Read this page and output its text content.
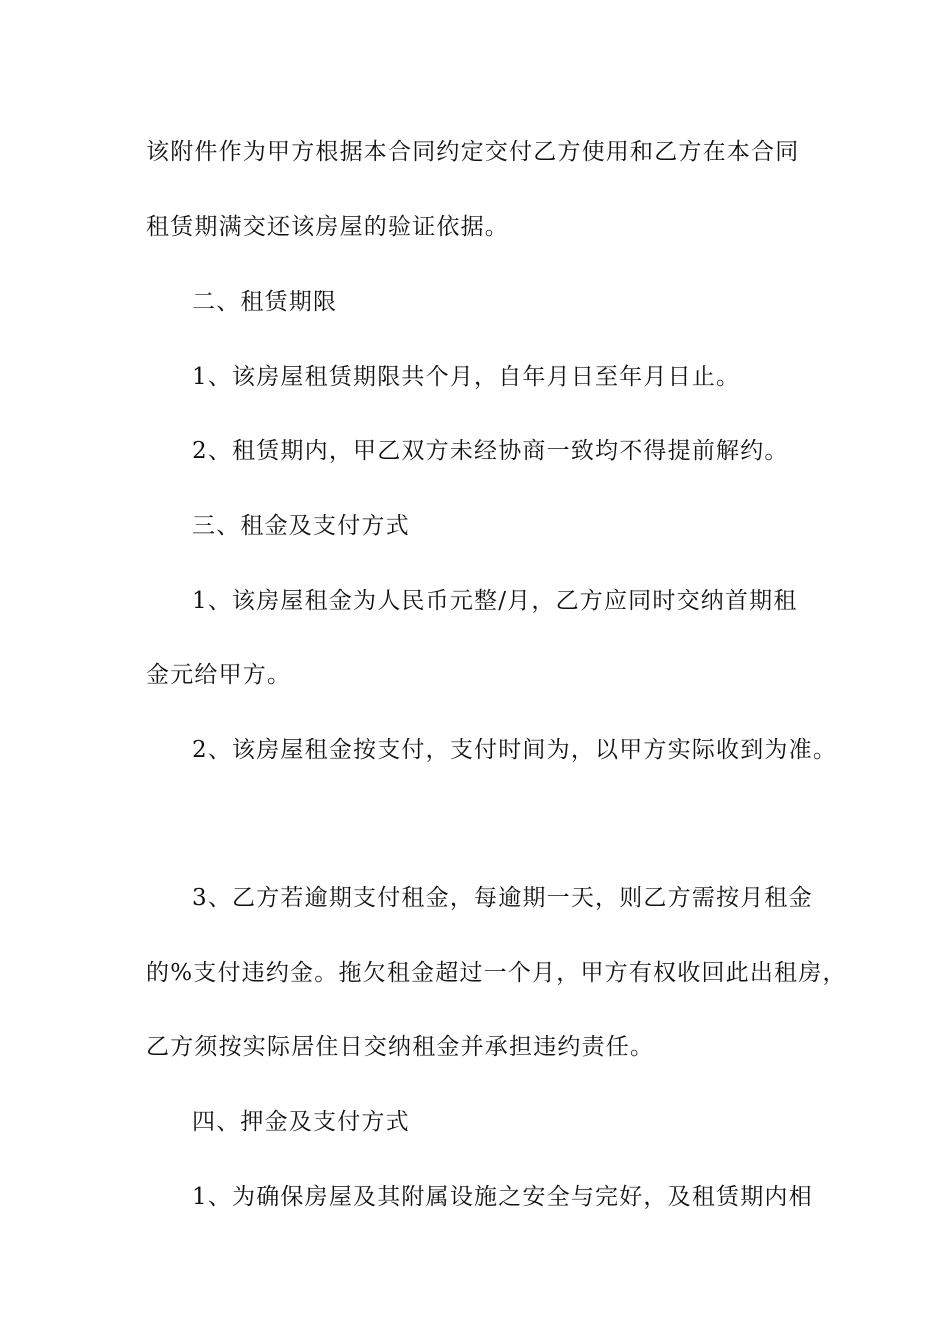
该附件作为甲方根据本合同约定交付乙方使用和乙方在本合同
租赁期满交还该房屋的验证依据。
二、租赁期限
1、该房屋租赁期限共个月，自年月日至年月日止。
2、租赁期内，甲乙双方未经协商一致均不得提前解约。
三、租金及支付方式
1、该房屋租金为人民币元整/月，乙方应同时交纳首期租
金元给甲方。
2、该房屋租金按支付，支付时间为，以甲方实际收到为准。
3、乙方若逾期支付租金，每逾期一天，则乙方需按月租金
的%支付违约金。拖欠租金超过一个月，甲方有权收回此出租房，
乙方须按实际居住日交纳租金并承担违约责任。
四、押金及支付方式
1、为确保房屋及其附属设施之安全与完好，及租赁期内相
